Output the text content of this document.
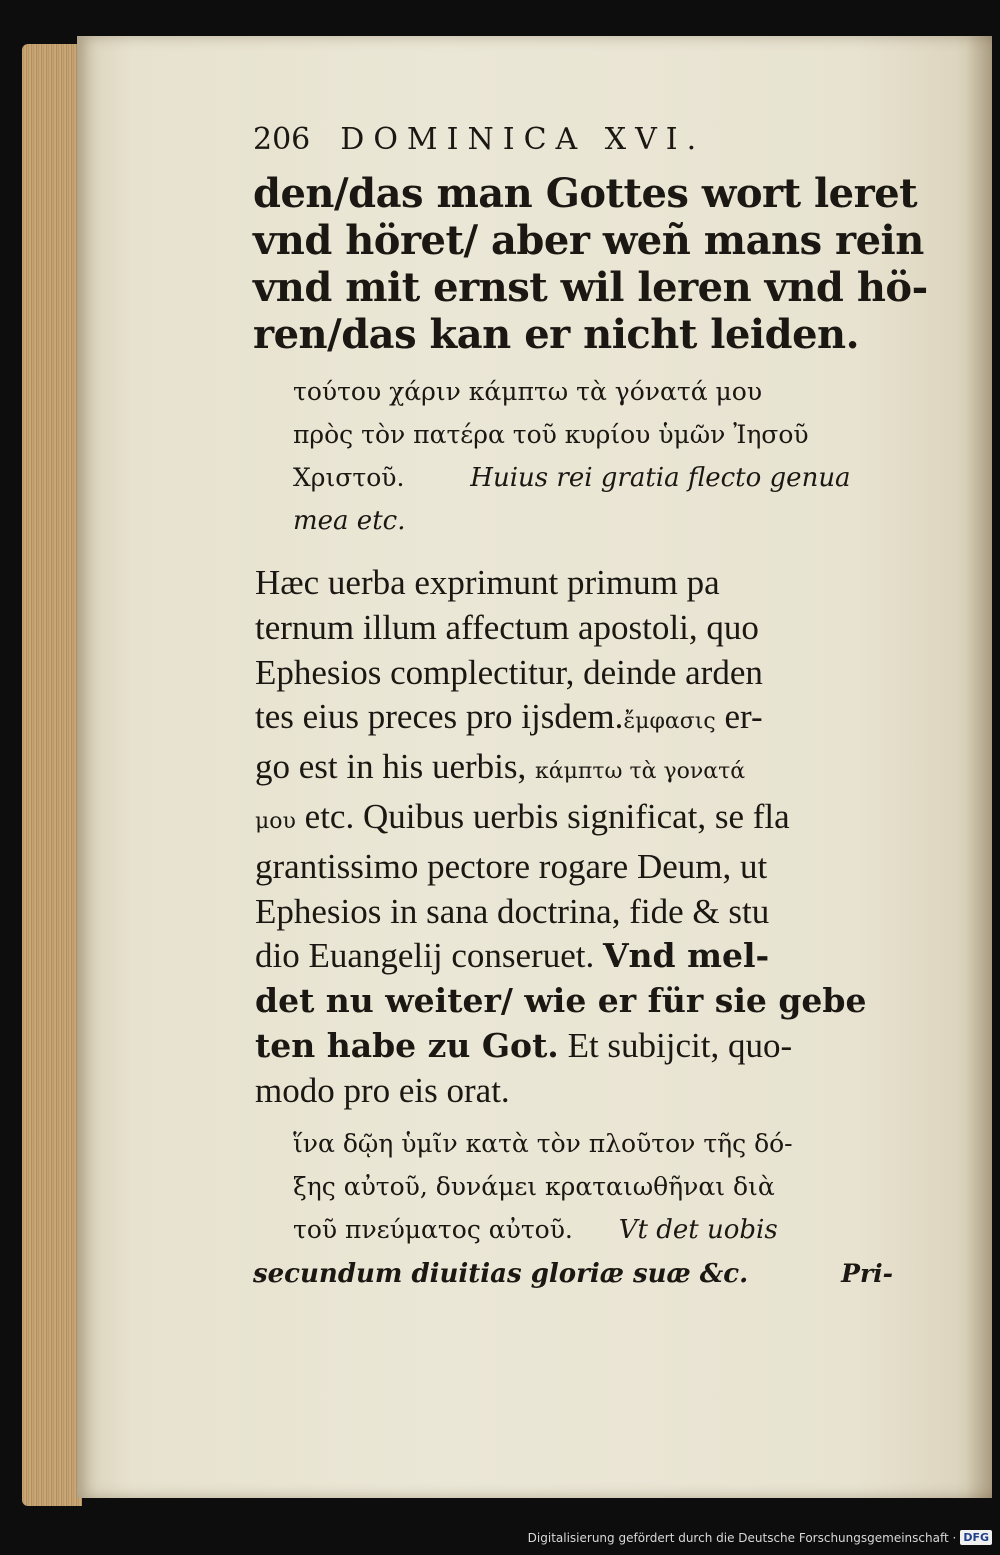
206 DOMINICA XVI.
den/das man Gottes wort leret
vnd höret/ aber weñ mans rein
vnd mit ernst wil leren vnd hö-
ren/das kan er nicht leiden.
τούτου χάριν κάμπτω τὰ γόνατά μου
πρὸς τὸν πατέρα τοῦ κυρίου ὑμῶν Ἰησοῦ
Χριστοῦ.	Huius rei gratia flecto genua
mea etc.
Hæc uerba exprimunt primum pa
ternum illum affectum apostoli, quo
Ephesios complectitur, deinde arden
tes eius preces pro ijsdem.ἔμφασις er-
go est in his uerbis, κάμπτω τὰ γονατά
μου etc. Quibus uerbis significat, se fla
grantissimo pectore rogare Deum, ut
Ephesios in sana doctrina, fide & stu
dio Euangelij conseruet. Vnd mel-
det nu weiter/ wie er für sie gebe
ten habe zu Got. Et subijcit, quo-
modo pro eis orat.
ἵνα δῷη ὑμῖν κατὰ τὸν πλοῦτον τῆς δό-
ξης αὐτοῦ, δυνάμει κραταιωθῆναι διὰ
τοῦ πνεύματος αὐτοῦ. Vt det uobis
secundum diuitias gloriæ suæ &c.	Pri-
Digitalisierung gefördert durch die Deutsche Forschungsgemeinschaft · DFG
